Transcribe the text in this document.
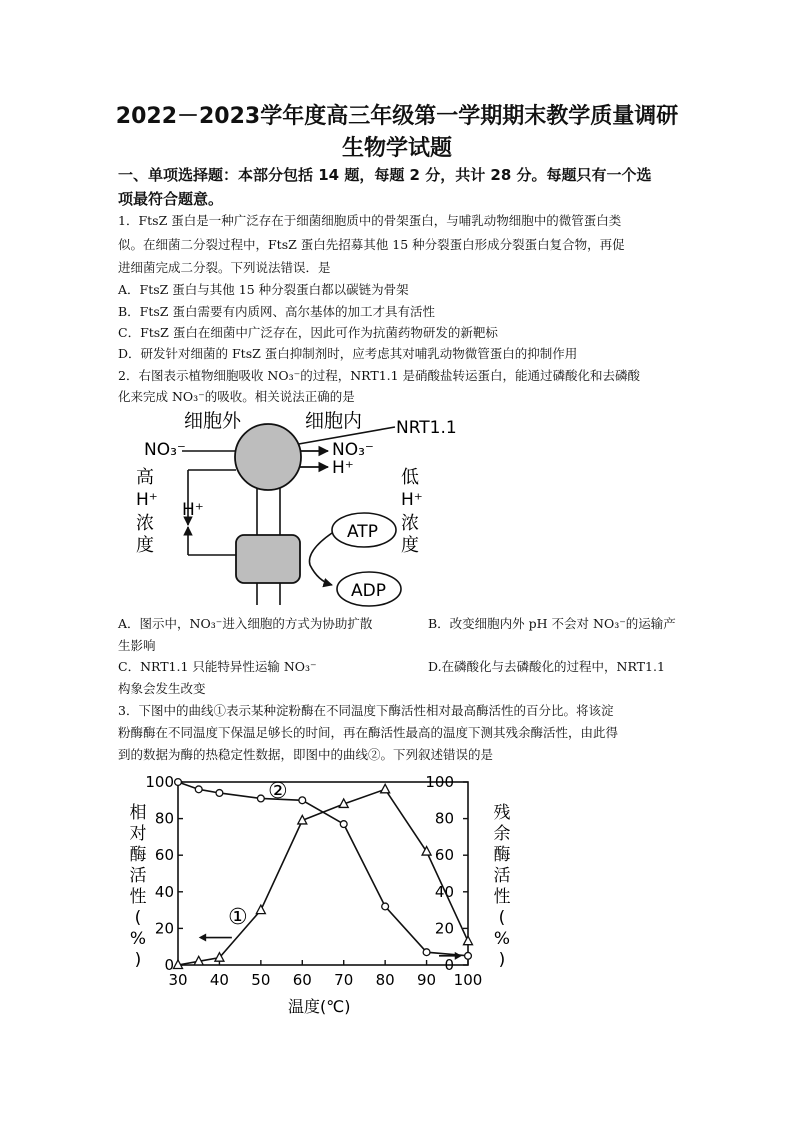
2022－2023学年度高三年级第一学期期末教学质量调研
生物学试题
一、单项选择题：本部分包括 14 题，每题 2 分，共计 28 分。每题只有一个选
项最符合题意。
1．FtsZ 蛋白是一种广泛存在于细菌细胞质中的骨架蛋白，与哺乳动物细胞中的微管蛋白类
似。在细菌二分裂过程中，FtsZ 蛋白先招募其他 15 种分裂蛋白形成分裂蛋白复合物，再促
进细菌完成二分裂。下列说法错误．是
A．FtsZ 蛋白与其他 15 种分裂蛋白都以碳链为骨架
B．FtsZ 蛋白需要有内质网、高尔基体的加工才具有活性
C．FtsZ 蛋白在细菌中广泛存在，因此可作为抗菌药物研发的新靶标
D．研发针对细菌的 FtsZ 蛋白抑制剂时，应考虑其对哺乳动物微管蛋白的抑制作用
2．右图表示植物细胞吸收 NO₃⁻的过程，NRT1.1 是硝酸盐转运蛋白，能通过磷酸化和去磷酸
化来完成 NO₃⁻的吸收。相关说法正确的是
细胞外	细胞内 NRT1.1
NO₃⁻	NO₃⁻
H⁺
H⁺
ATP
ADP
高
H⁺
浓
度
低
H⁺
浓
度
A．图示中，NO₃⁻进入细胞的方式为协助扩散	B．改变细胞内外 pH 不会对 NO₃⁻的运输产
生影响
C．NRT1.1 只能特异性运输 NO₃⁻	D.在磷酸化与去磷酸化的过程中，NRT1.1
构象会发生改变
3．下图中的曲线①表示某种淀粉酶在不同温度下酶活性相对最高酶活性的百分比。将该淀
粉酶酶在不同温度下保温足够长的时间，再在酶活性最高的温度下测其残余酶活性，由此得
到的数据为酶的热稳定性数据，即图中的曲线②。下列叙述错误的是
30 40 50 60 70 80 90 100
0	0
20	20
40	40
60	60
80	80
100	100
温度(℃)
相
对
酶
活
性
(
%
)
残
余
酶
活
性
(
%
)
①
②
